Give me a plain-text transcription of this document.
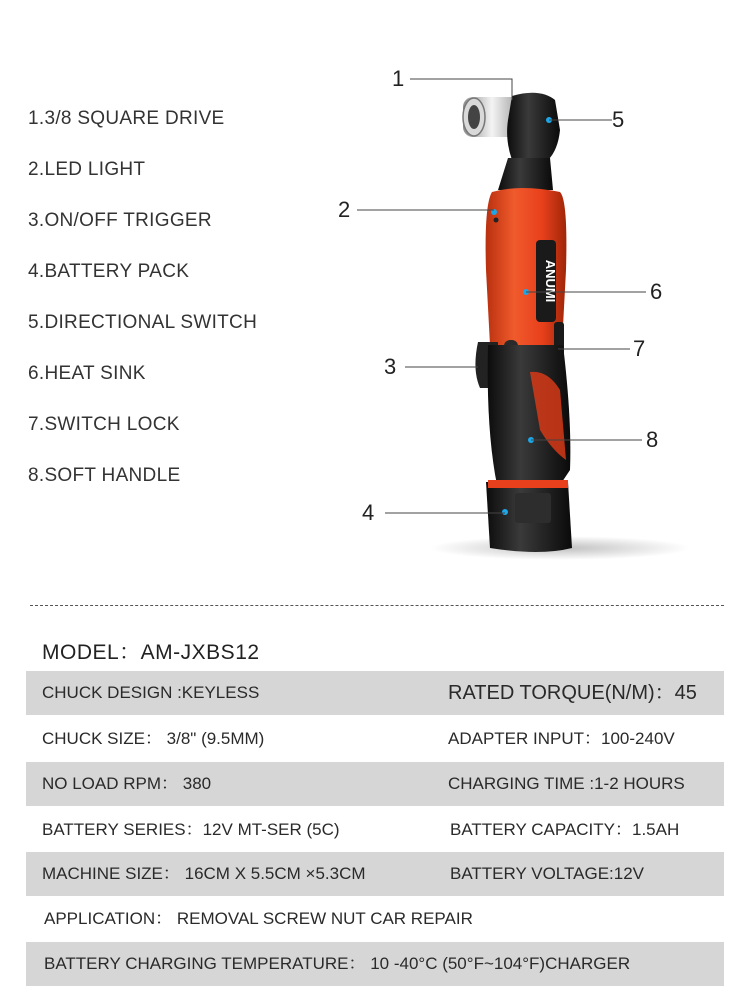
1.3/8 SQUARE DRIVE
2.LED LIGHT
3.ON/OFF TRIGGER
4.BATTERY PACK
5.DIRECTIONAL SWITCH
6.HEAT SINK
7.SWITCH LOCK
8.SOFT HANDLE
ANUMI
1
2
3
4
5
6
7
8
MODEL：AM-JXBS12
CHUCK DESIGN :KEYLESS	RATED TORQUE(N/M)：45
CHUCK SIZE： 3/8" (9.5MM)	ADAPTER INPUT：100-240V
NO LOAD RPM： 380	CHARGING TIME :1-2 HOURS
BATTERY SERIES：12V MT-SER (5C)	BATTERY CAPACITY：1.5AH
MACHINE SIZE： 16CM X 5.5CM ×5.3CM	BATTERY VOLTAGE:12V
APPLICATION： REMOVAL SCREW NUT CAR REPAIR
BATTERY CHARGING TEMPERATURE： 10 -40°C (50°F~104°F)CHARGER
